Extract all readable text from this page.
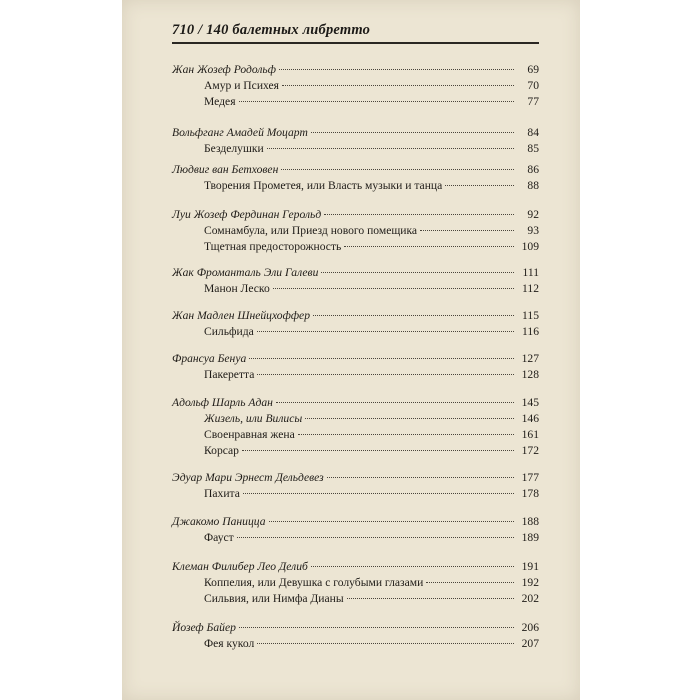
710 / 140 балетных либретто
Жан Жозеф Родольф	69
Амур и Психея	70
Медея	77
Вольфганг Амадей Моцарт	84
Безделушки	85
Людвиг ван Бетховен	86
Творения Прометея, или Власть музыки и танца	88
Луи Жозеф Фердинан Герольд	92
Сомнамбула, или Приезд нового помещика	93
Тщетная предосторожность	109
Жак Фроманталь Эли Галеви	111
Манон Леско	112
Жан Мадлен Шнейцхоффер	115
Сильфида	116
Франсуа Бенуа	127
Пакеретта	128
Адольф Шарль Адан	145
Жизель, или Вилисы	146
Своенравная жена	161
Корсар	172
Эдуар Мари Эрнест Дельдевез	177
Пахита	178
Джакомо Паницца	188
Фауст	189
Клеман Филибер Лео Делиб	191
Коппелия, или Девушка с голубыми глазами	192
Сильвия, или Нимфа Дианы	202
Йозеф Байер	206
Фея кукол	207
